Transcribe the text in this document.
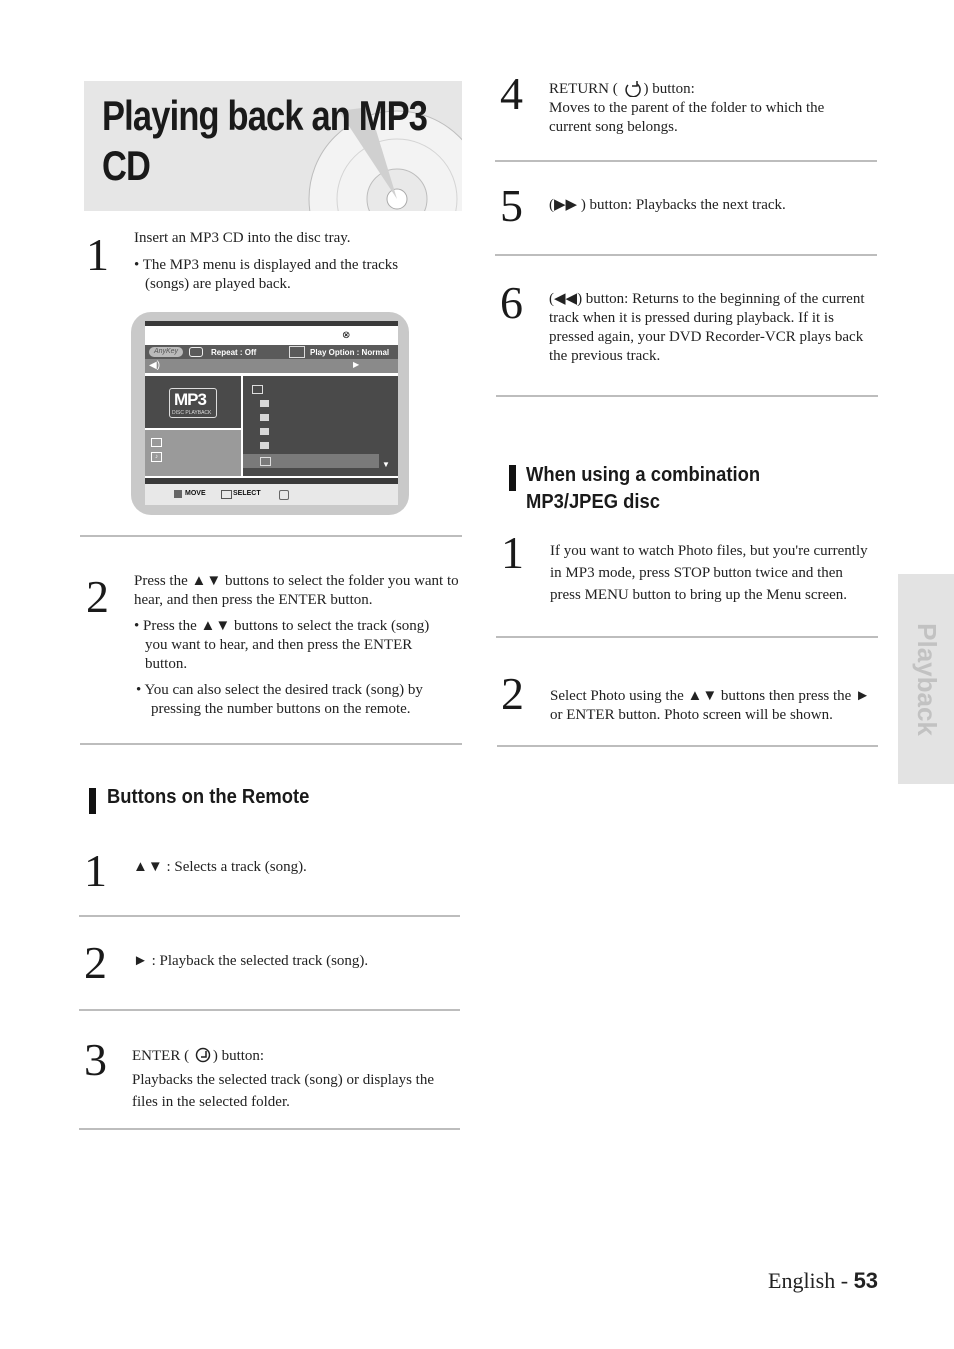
Playing back an MP3 CD
1 Insert an MP3 CD into the disc tray.
• The MP3 menu is displayed and the tracks (songs) are played back.
⊗
AnyKey	Repeat : Off	Play Option : Normal
◀)	▶
MP3
DISC PLAYBACK
♪
▼
MOVE	SELECT
2 Press the ▲▼ buttons to select the folder you want to hear, and then press the ENTER button.
• Press the ▲▼ buttons to select the track (song) you want to hear, and then press the ENTER button.
• You can also select the desired track (song) by pressing the number buttons on the remote.
Buttons on the Remote
1 ▲▼ : Selects a track (song).
2 ► : Playback the selected track (song).
3 ENTER ( ) button:
Playbacks the selected track (song) or displays the files in the selected folder.
4 RETURN ( ) button:
Moves to the parent of the folder to which the current song belongs.
5 (▶▶ ) button: Playbacks the next track.
6 (◀◀) button: Returns to the beginning of the current track when it is pressed during playback. If it is pressed again, your DVD Recorder-VCR plays back the previous track.
When using a combination
MP3/JPEG disc
1 If you want to watch Photo files, but you're currently in MP3 mode, press STOP button twice and then press MENU button to bring up the Menu screen.
2 Select Photo using the ▲▼ buttons then press the ► or ENTER button. Photo screen will be shown.	Playback
English - 53
